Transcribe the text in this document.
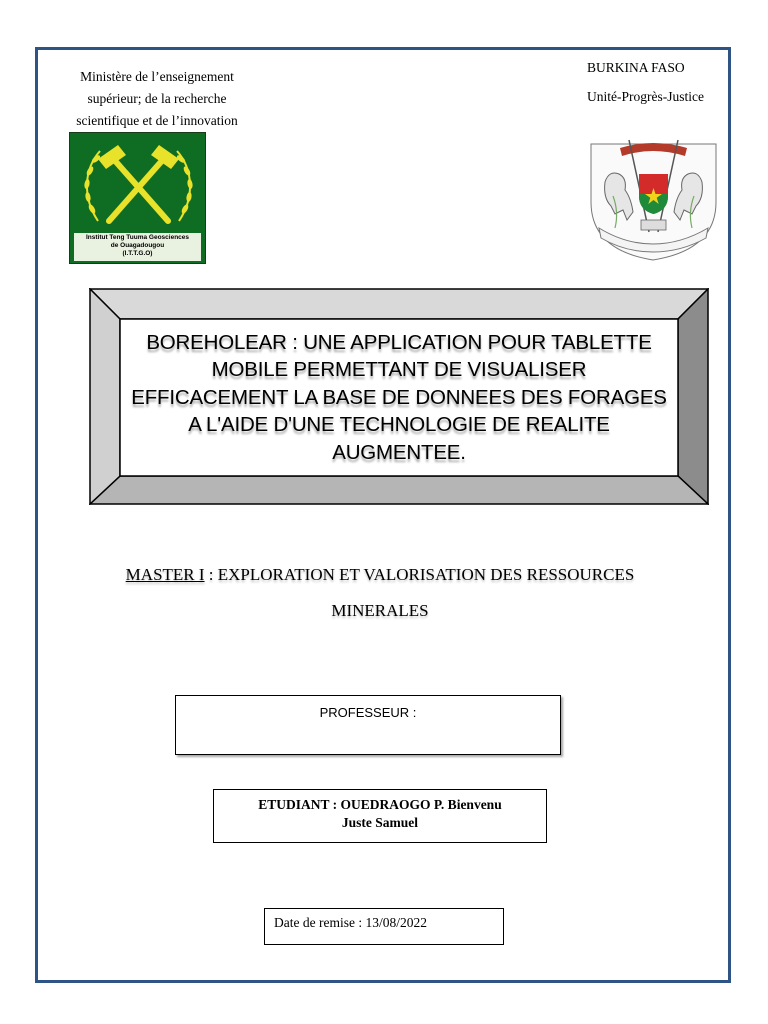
Ministère de l’enseignement
supérieur; de la recherche
scientifique et de l’innovation
BURKINA FASO
Unité-Progrès-Justice
Institut Teng Tuuma Geosciences
de Ouagadougou
(I.T.T.G.O)
BOREHOLEAR : UNE APPLICATION POUR TABLETTE
MOBILE PERMETTANT DE VISUALISER
EFFICACEMENT LA BASE DE DONNEES DES FORAGES
A L'AIDE D'UNE TECHNOLOGIE DE REALITE
AUGMENTEE.
MASTER I : EXPLORATION ET VALORISATION DES RESSOURCES
MINERALES
PROFESSEUR :
ETUDIANT : OUEDRAOGO P. Bienvenu
Juste Samuel
Date de remise : 13/08/2022
